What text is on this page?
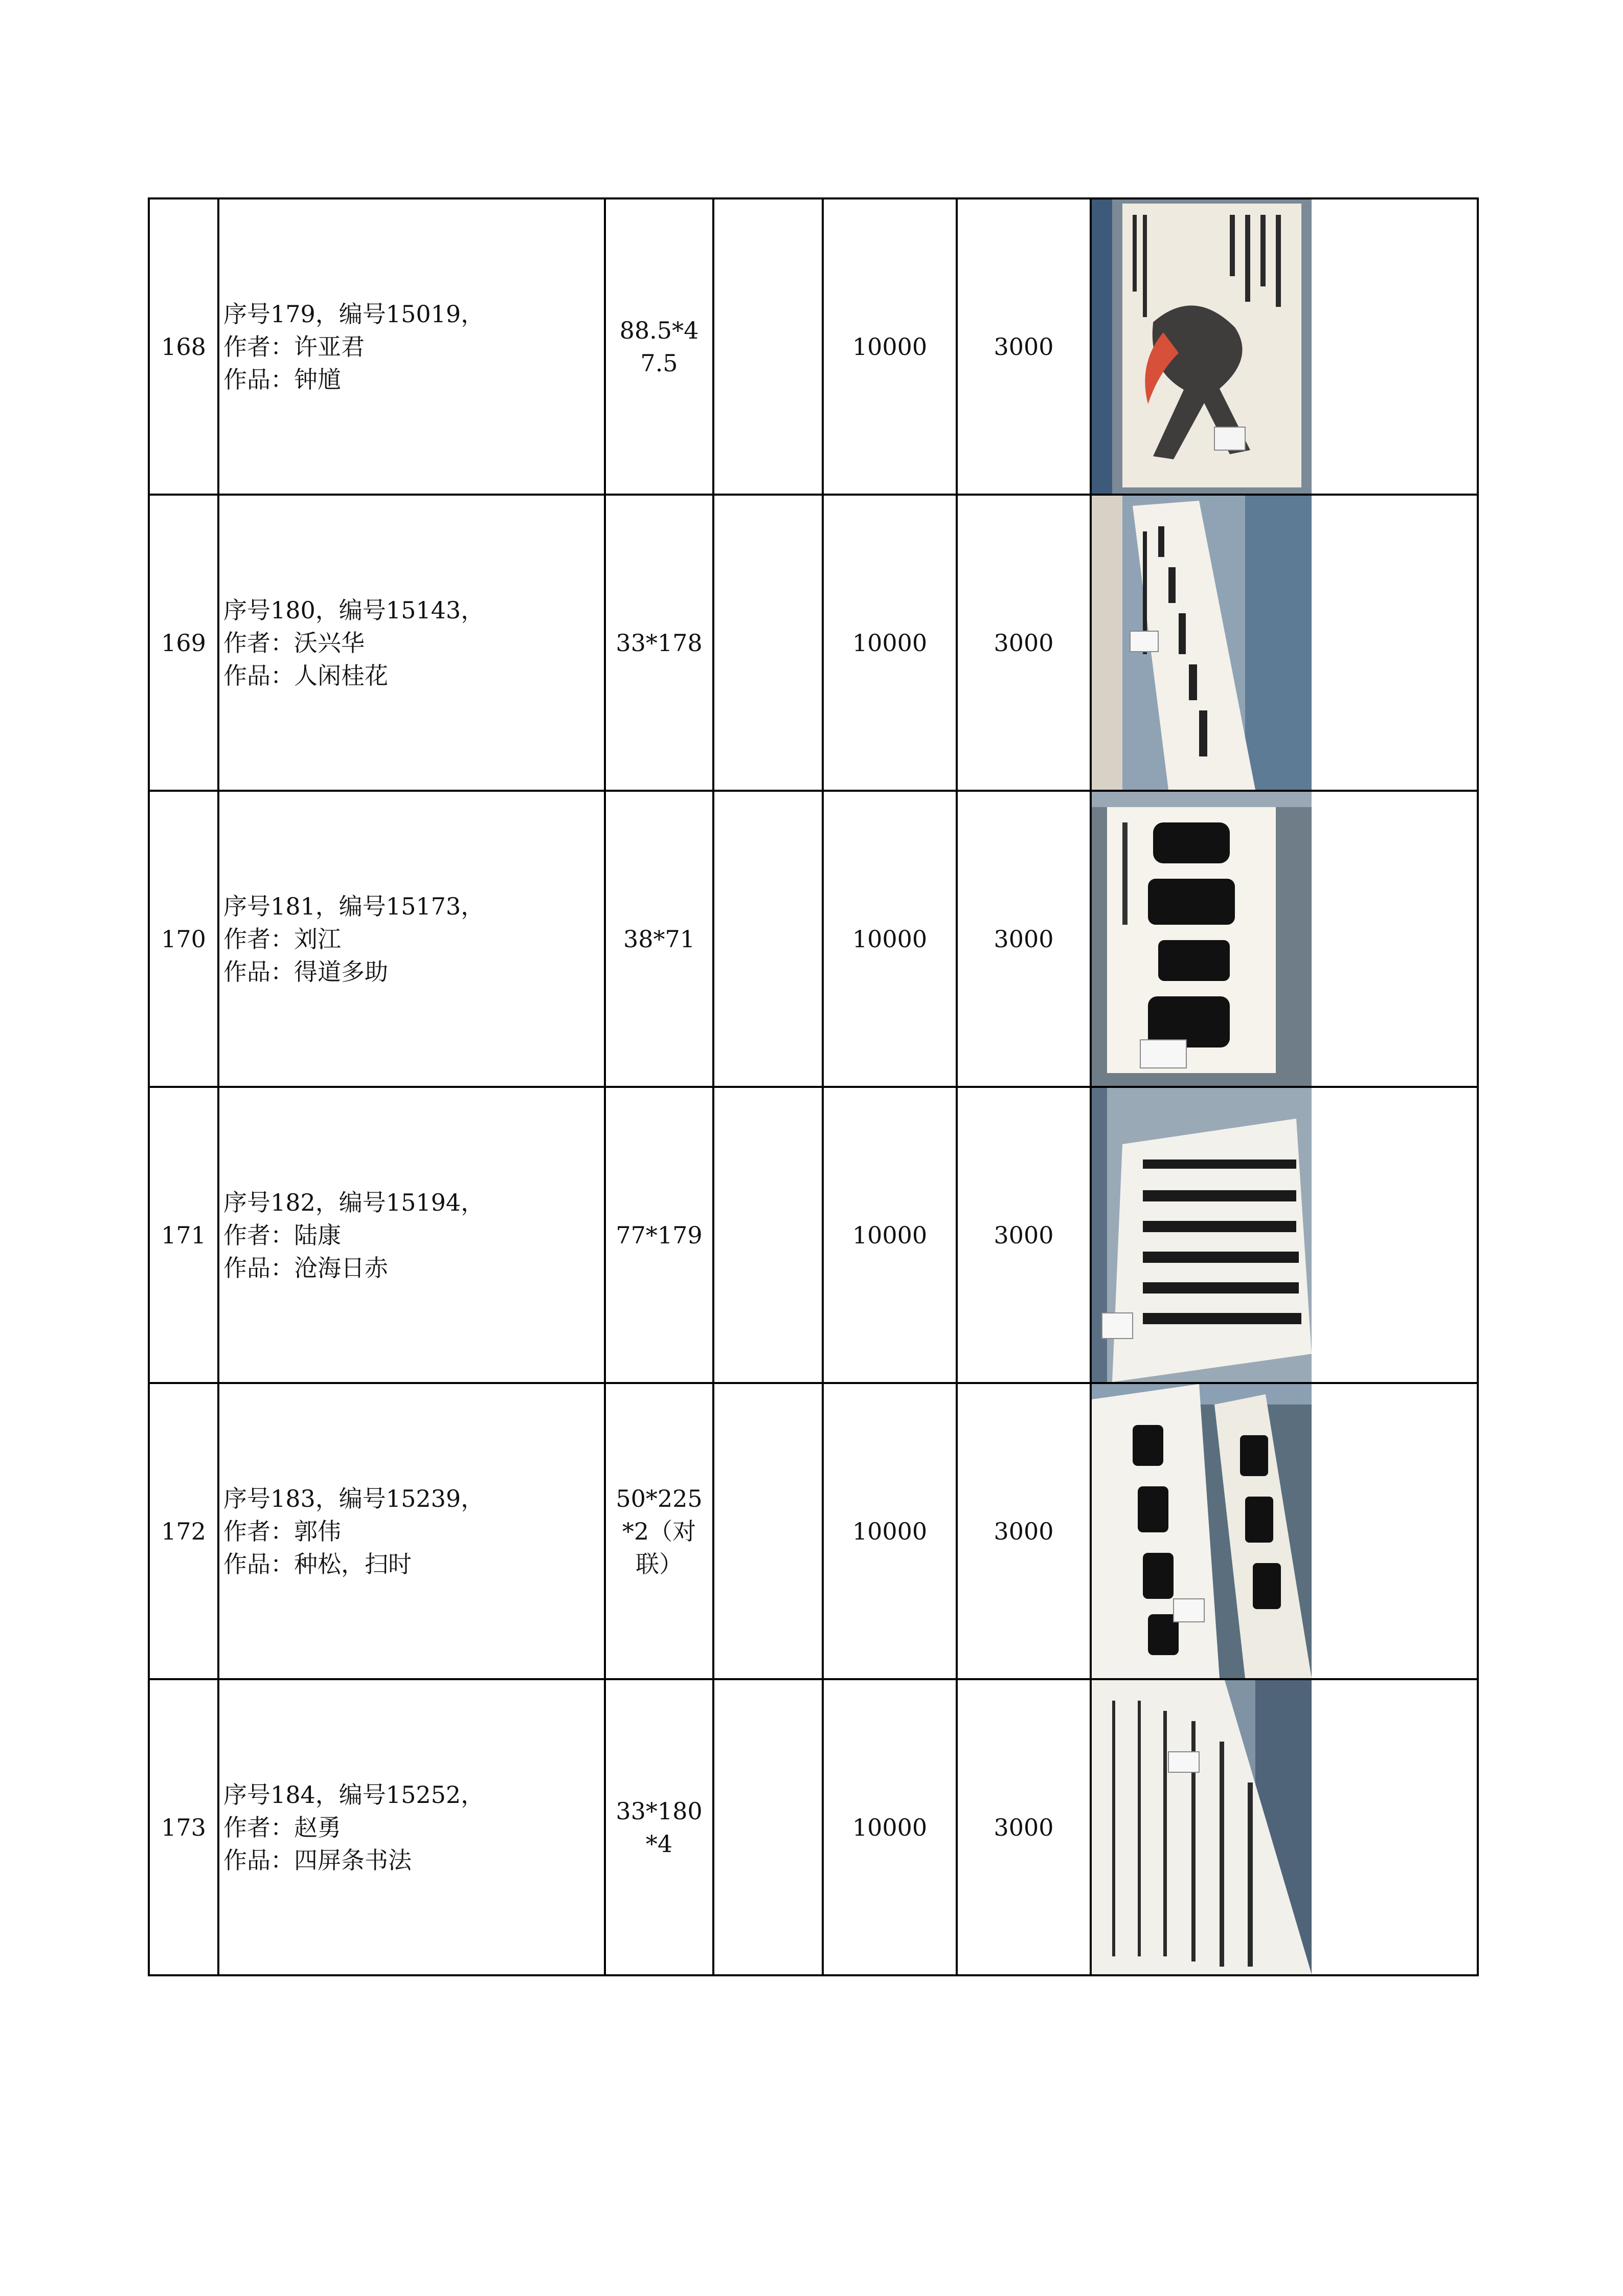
168	序号179，编号15019，
作者：许亚君
作品：钟馗	88.5*47.5		10000	3000	

169	序号180，编号15143，
作者：沃兴华
作品：人闲桂花	33*178		10000	3000	

170	序号181，编号15173，
作者：刘江
作品：得道多助	38*71		10000	3000	

171	序号182，编号15194，
作者：陆康
作品：沧海日赤	77*179		10000	3000	

172	序号183，编号15239，
作者：郭伟
作品：种松，扫时	50*225*2（对联）		10000	3000	

173	序号184，编号15252，
作者：赵勇
作品：四屏条书法	33*180*4		10000	3000	
